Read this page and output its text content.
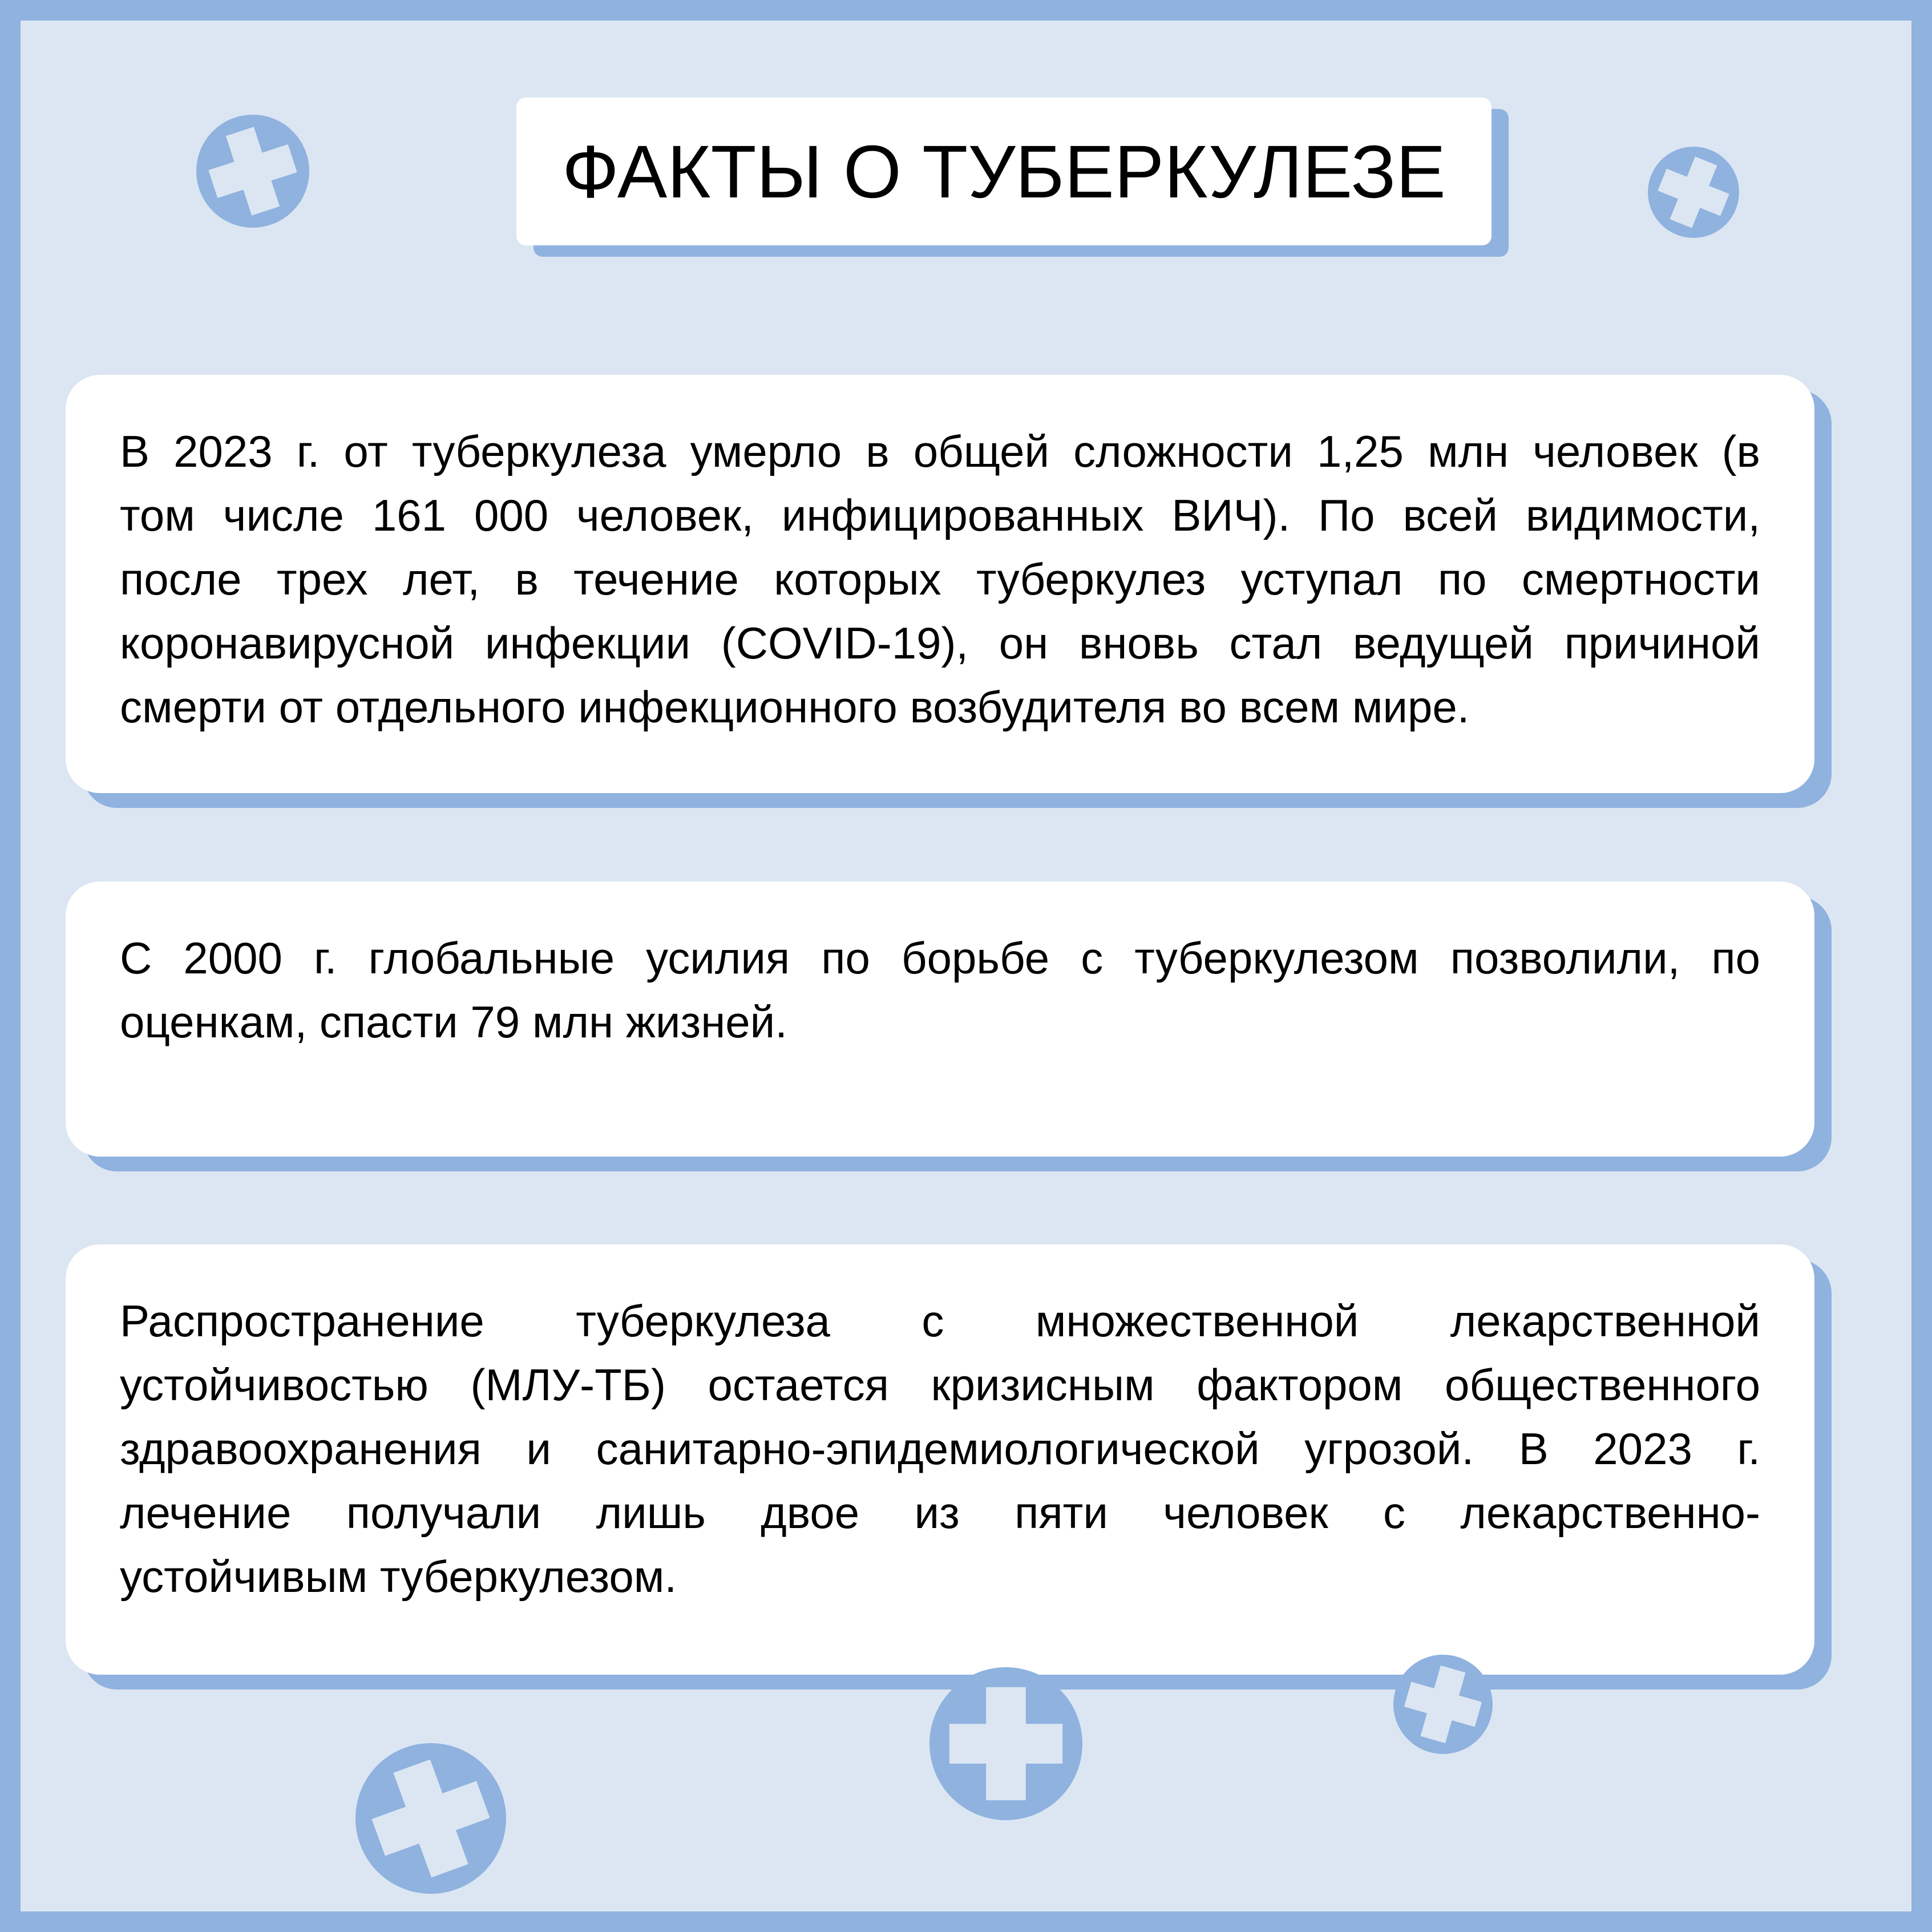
ФАКТЫ О ТУБЕРКУЛЕЗЕ
В 2023 г. от туберкулеза умерло в общей сложности 1,25 млн человек (в
том числе 161 000 человек, инфицированных ВИЧ). По всей видимости,
после трех лет, в течение которых туберкулез уступал по смертности
коронавирусной инфекции (COVID-19), он вновь стал ведущей причиной
смерти от отдельного инфекционного возбудителя во всем мире.
С 2000 г. глобальные усилия по борьбе с туберкулезом позволили, по
оценкам, спасти 79 млн жизней.
Распространение туберкулеза с множественной лекарственной
устойчивостью (МЛУ-ТБ) остается кризисным фактором общественного
здравоохранения и санитарно-эпидемиологической угрозой. В 2023 г.
лечение получали лишь двое из пяти человек с лекарственно-
устойчивым туберкулезом.
